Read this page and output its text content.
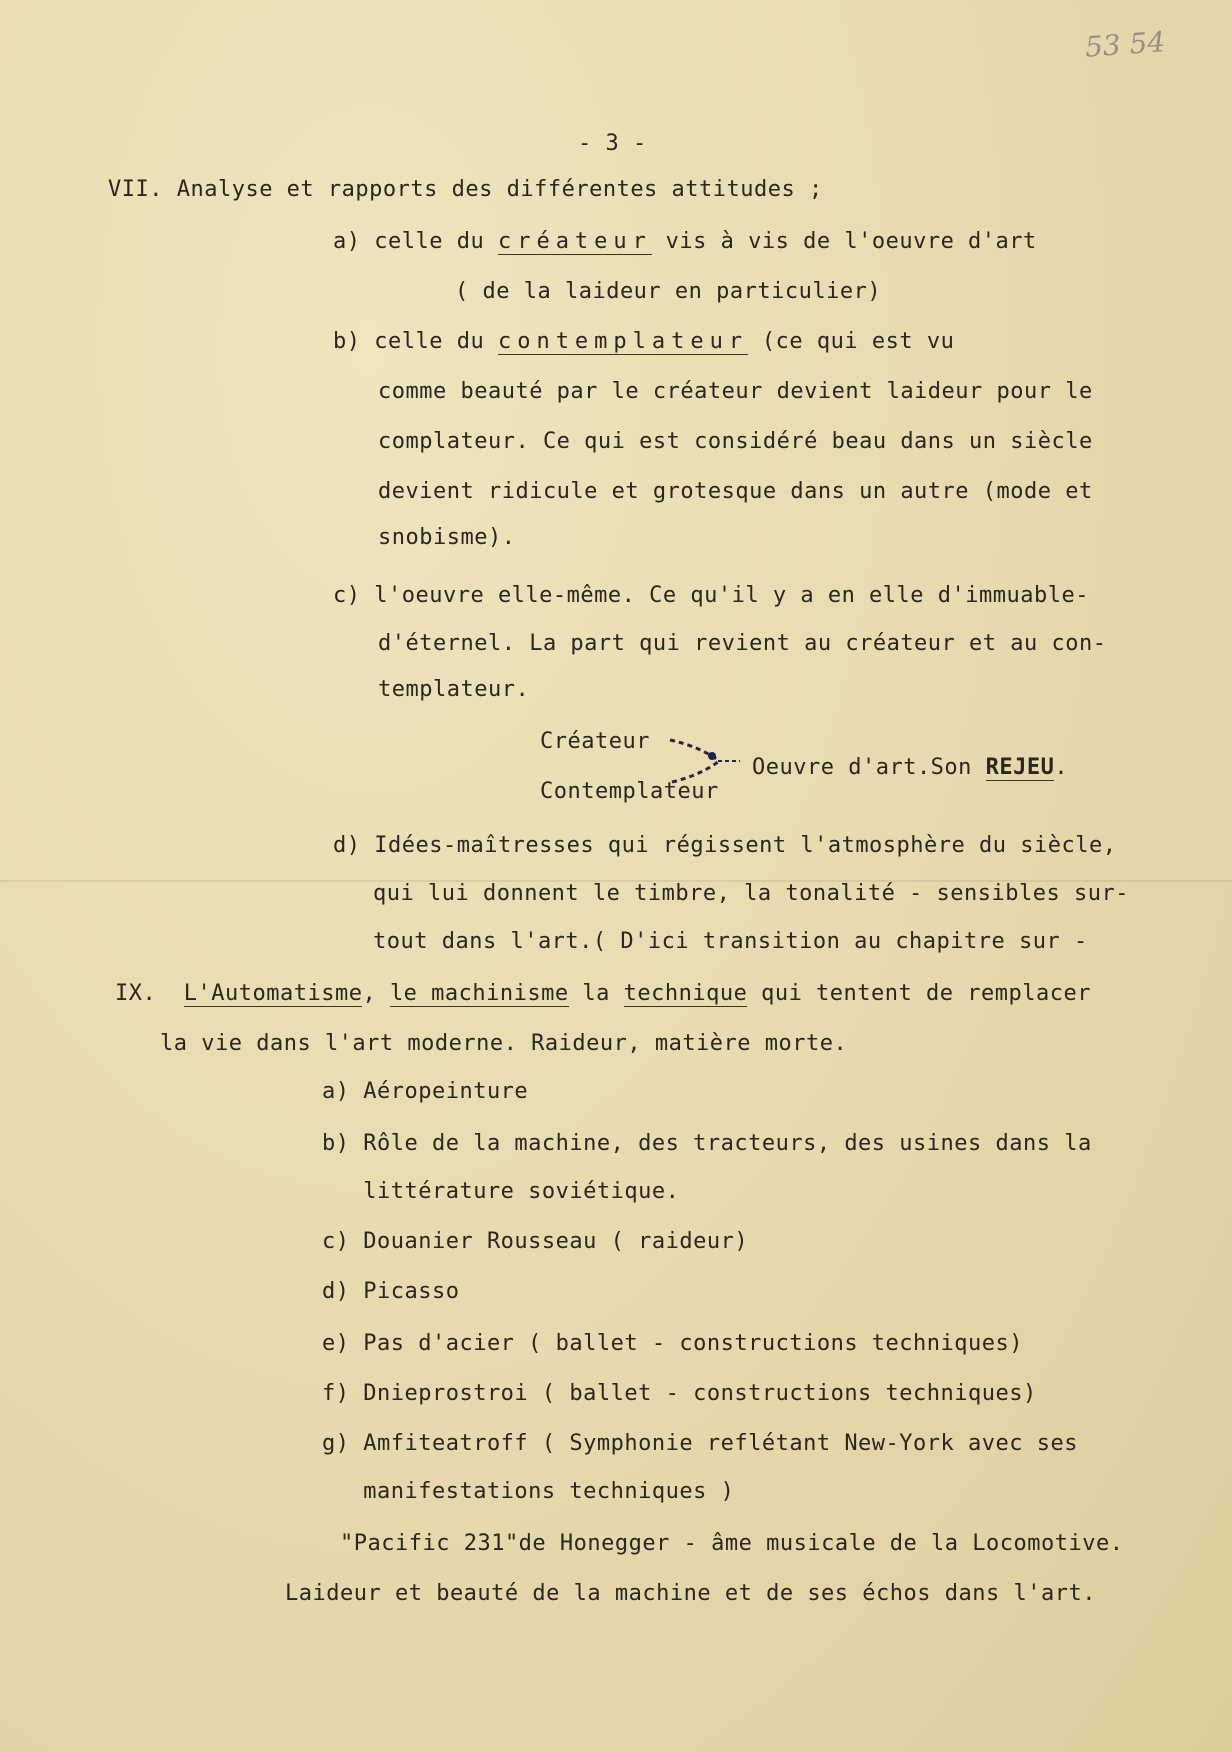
53 54
- 3 -
VII. Analyse et rapports des différentes attitudes ;
a) celle du créateur vis à vis de l'oeuvre d'art
( de la laideur en particulier)
b) celle du contemplateur (ce qui est vu
comme beauté par le créateur devient laideur pour le
complateur. Ce qui est considéré beau dans un siècle
devient ridicule et grotesque dans un autre (mode et
snobisme).
c) l'oeuvre elle-même. Ce qu'il y a en elle d'immuable-
d'éternel. La part qui revient au créateur et au con-
templateur.
Créateur
Contemplateur
Oeuvre d'art.Son REJEU.
d) Idées-maîtresses qui régissent l'atmosphère du siècle,
qui lui donnent le timbre, la tonalité - sensibles sur-
tout dans l'art.( D'ici transition au chapitre sur -
IX. L'Automatisme, le machinisme la technique qui tentent de remplacer
la vie dans l'art moderne. Raideur, matière morte.
a) Aéropeinture
b) Rôle de la machine, des tracteurs, des usines dans la
littérature soviétique.
c) Douanier Rousseau ( raideur)
d) Picasso
e) Pas d'acier ( ballet - constructions techniques)
f) Dnieprostroi ( ballet - constructions techniques)
g) Amfiteatroff ( Symphonie reflétant New-York avec ses
manifestations techniques )
"Pacific 231"de Honegger - âme musicale de la Locomotive.
Laideur et beauté de la machine et de ses échos dans l'art.
